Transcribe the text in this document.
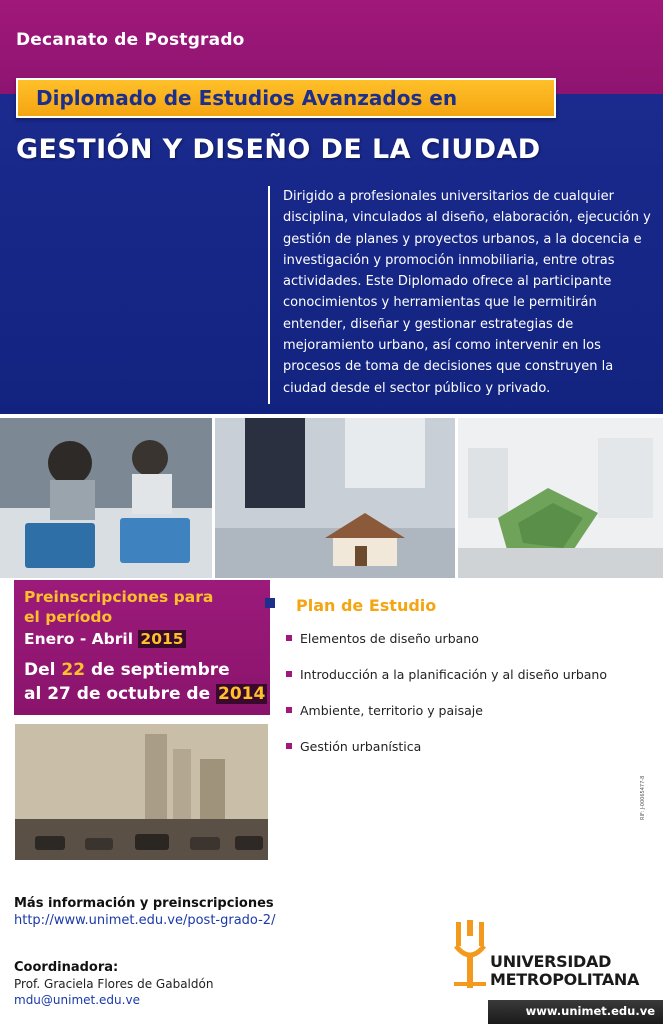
Decanato de Postgrado
Diplomado de Estudios Avanzados en
GESTIÓN Y DISEÑO DE LA CIUDAD
Dirigido a profesionales universitarios de cualquier disciplina, vinculados al diseño, elaboración, ejecución y gestión de planes y proyectos urbanos, a la docencia e investigación y promoción inmobiliaria, entre otras actividades. Este Diplomado ofrece al participante conocimientos y herramientas que le permitirán entender, diseñar y gestionar estrategias de mejoramiento urbano, así como intervenir en los procesos de toma de decisiones que construyen la ciudad desde el sector público y privado.
Preinscripciones para
el período
Enero - Abril 2015
Del 22 de septiembre
al 27 de octubre de 2014
Plan de Estudio
Elementos de diseño urbano
Introducción a la planificación y al diseño urbano
Ambiente, territorio y paisaje
Gestión urbanística
RIF: J-00065477-8
Más información y preinscripciones
http://www.unimet.edu.ve/post-grado-2/
Coordinadora:
Prof. Graciela Flores de Gabaldón
mdu@unimet.edu.ve
UNIVERSIDAD
METROPOLITANA
www.unimet.edu.ve
